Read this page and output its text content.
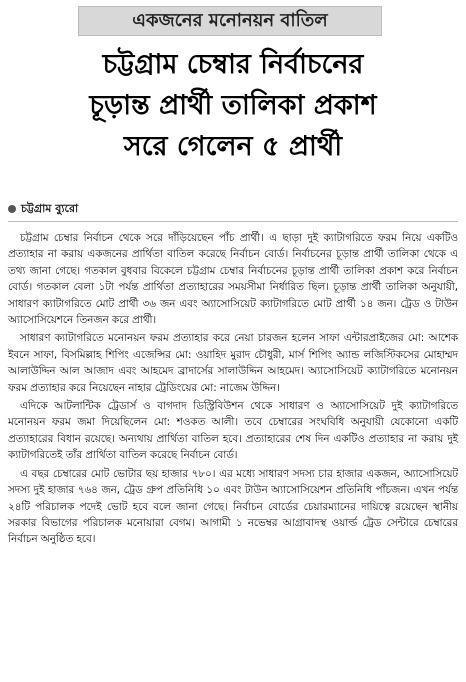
একজনের মনোনয়ন বাতিল
চট্টগ্রাম চেম্বার নির্বাচনের
চূড়ান্ত প্রার্থী তালিকা প্রকাশ
সরে গেলেন ৫ প্রার্থী
চট্টগ্রাম ব্যুরো

চট্টগ্রাম চেম্বার নির্বাচন থেকে সরে দাঁড়িয়েছেন পাঁচ প্রার্থী। এ ছাড়া দুই ক্যাটাগরিতে ফরম নিয়ে একটিও প্রত্যাহার না করায় একজনের প্রার্থিতা বাতিল করেছে নির্বাচন বোর্ড। নির্বাচনের চূড়ান্ত প্রার্থী তালিকা থেকে এ তথ্য জানা গেছে। গতকাল বুধবার বিকেলে চট্টগ্রাম চেম্বার নির্বাচনের চূড়ান্ত প্রার্থী তালিকা প্রকাশ করে নির্বাচন বোর্ড। গতকাল বেলা ১টা পর্যন্ত প্রার্থিতা প্রত্যাহারের সময়সীমা নির্ধারিত ছিল। চূড়ান্ত প্রার্থী তালিকা অনুযায়ী, সাধারণ ক্যাটাগরিতে মোট প্রার্থী ৩৬ জন এবং অ্যাসোসিয়েট ক্যাটাগরিতে মোট প্রার্থী ১৪ জন। ট্রেড ও টাউন অ্যাসোসিয়েশনে তিনজন করে প্রার্থী।

সাধারণ ক্যাটাগরিতে মনোনয়ন ফরম প্রত্যাহার করে নেয়া চারজন হলেন সাফা এন্টারপ্রাইজের মো: আশেক ইবনে সাফা, বিসমিল্লাহ শিপিং এজেন্সির মো: ওয়াহিদ মুরাদ চৌধুরী, মার্স শিপিং অ্যান্ড লজিস্টিকসের মোহাম্মদ আলাউদ্দিন আল আজাদ এবং আহমেদ ব্রাদার্সের সালাউদ্দিন আহমেদ। অ্যাসোসিয়েট ক্যাটাগরিতে মনোনয়ন ফরম প্রত্যাহার করে নিয়েছেন নাহার ট্রেডিংয়ের মো: নাজেম উদ্দিন।

এদিকে আটলান্টিক ট্রেডার্স ও বাগদাদ ডিস্ট্রিবিউশন থেকে সাধারণ ও অ্যাসোসিয়েট দুই ক্যাটাগরিতে মনোনয়ন ফরম জমা দিয়েছিলেন মো: শওকত আলী। তবে চেম্বারের সংঘবিধি অনুযায়ী যেকোনো একটি প্রত্যাহারের বিধান রয়েছে। অন্যথায় প্রার্থিতা বাতিল হবে। প্রত্যাহারের শেষ দিন একটিও প্রত্যাহার না করায় দুই ক্যাটাগরিতেই তাঁর প্রার্থিতা বাতিল করেছে নির্বাচন বোর্ড।

এ বছর চেম্বারের মোট ভোটার ছয় হাজার ৭৮০। এর মধ্যে সাধারণ সদস্য চার হাজার একজন, অ্যাসোসিয়েট সদস্য দুই হাজার ৭৬৪ জন, ট্রেড গ্রুপ প্রতিনিধি ১০ এবং টাউন অ্যাসোসিয়েশন প্রতিনিধি পাঁচজন। এখন পর্যন্ত ২৪টি পরিচালক পদেই ভোট হবে বলে জানা গেছে। নির্বাচন বোর্ডের চেয়ারম্যানের দায়িত্বে রয়েছেন স্থানীয় সরকার বিভাগের পরিচালক মনোয়ারা বেগম। আগামী ১ নভেম্বর আগ্রাবাদস্থ ওয়ার্ল্ড ট্রেড সেন্টারে চেম্বারের নির্বাচন অনুষ্ঠিত হবে।
